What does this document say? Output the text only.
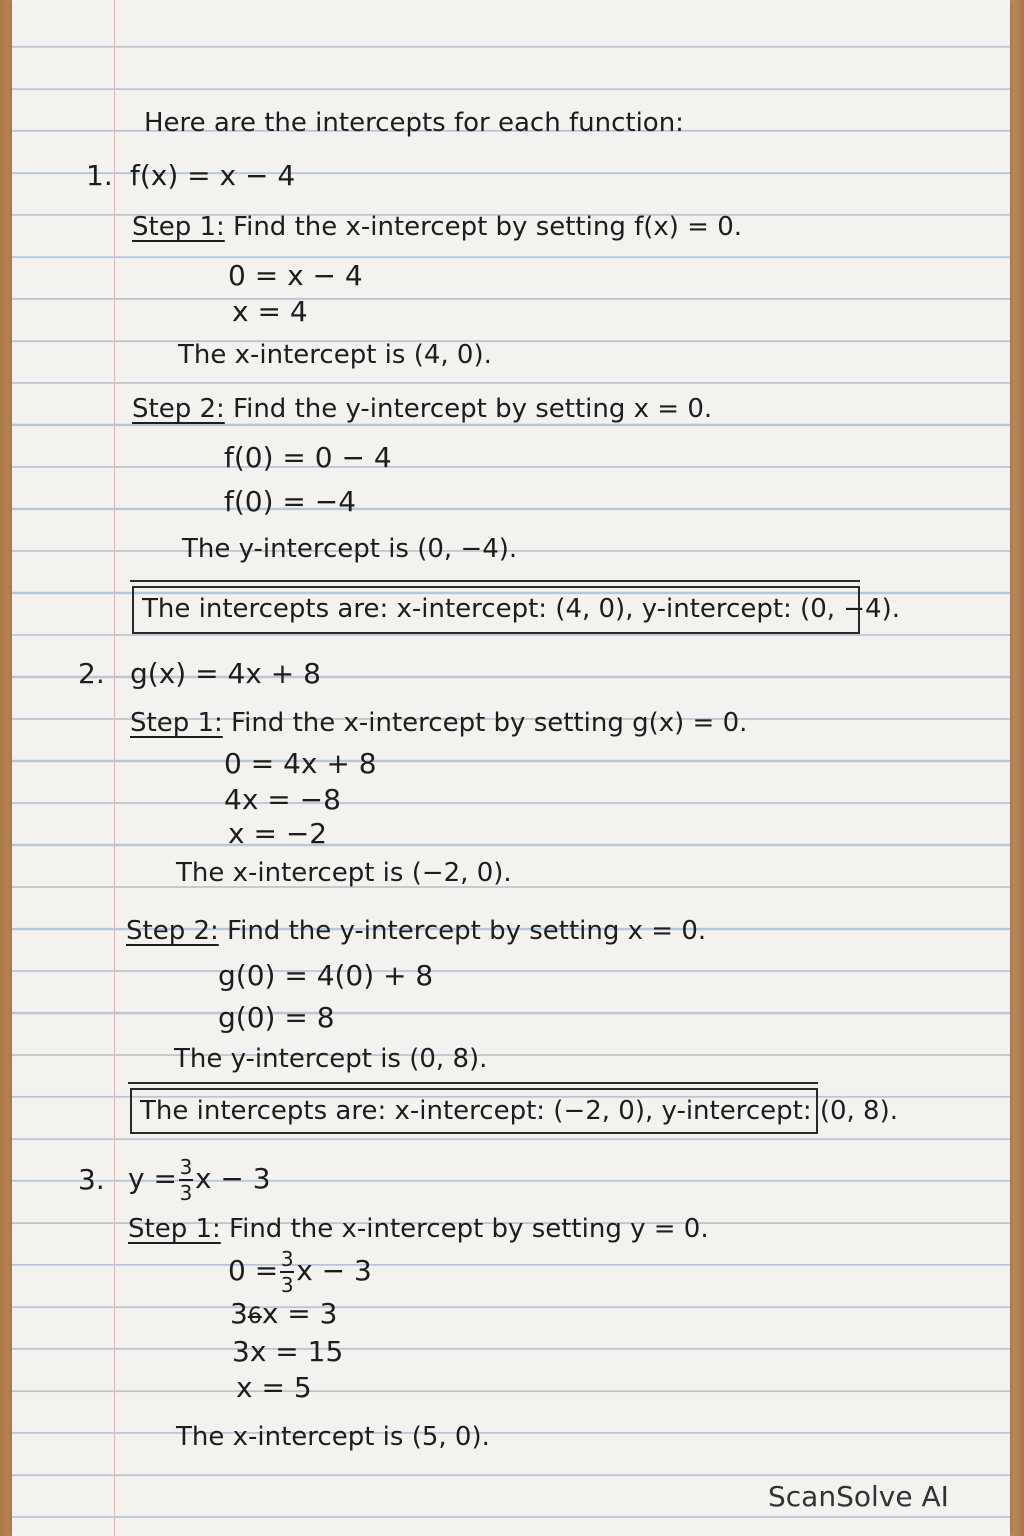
Here are the intercepts for each function:
1. f(x) = x − 4
Step 1: Find the x-intercept by setting f(x) = 0.
0 = x − 4
x = 4
The x-intercept is (4, 0).
Step 2: Find the y-intercept by setting x = 0.
f(0) = 0 − 4
f(0) = −4
The y-intercept is (0, −4).
The intercepts are: x-intercept: (4, 0), y-intercept: (0, −4).
2. g(x) = 4x + 8
Step 1: Find the x-intercept by setting g(x) = 0.
0 = 4x + 8
4x = −8
x = −2
The x-intercept is (−2, 0).
Step 2: Find the y-intercept by setting x = 0.
g(0) = 4(0) + 8
g(0) = 8
The y-intercept is (0, 8).
The intercepts are: x-intercept: (−2, 0), y-intercept: (0, 8).
3. $y = \frac{3}{3}$ x − 3
Step 1: Find the x-intercept by setting y = 0.
$0 = \frac{3}{3}$ x − 3
36x = 3
3x = 15
x = 5
The x-intercept is (5, 0).
ScanSolve AI
